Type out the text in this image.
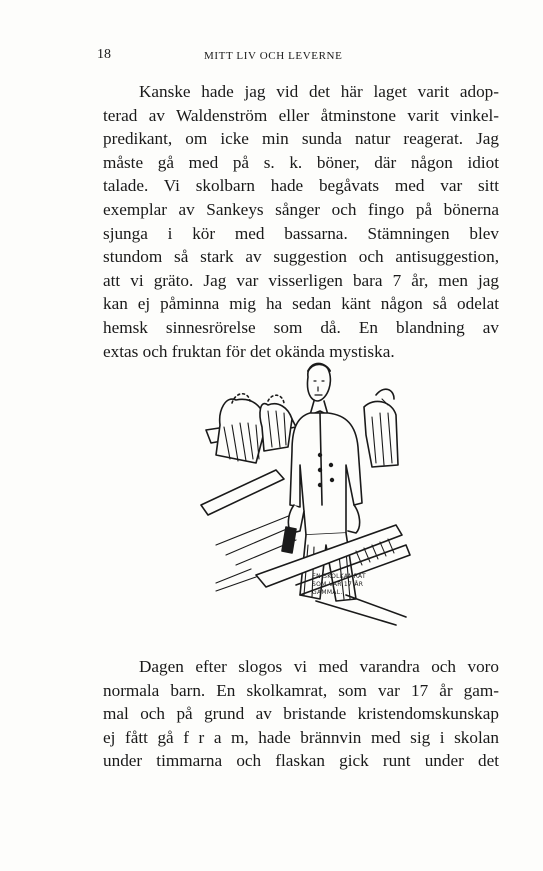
18	MITT LIV OCH LEVERNE

Kanske hade jag vid det här laget varit adop-
terad av Waldenström eller åtminstone varit vinkel-
predikant, om icke min sunda natur reagerat. Jag
måste gå med på s. k. böner, där någon idiot
talade. Vi skolbarn hade begåvats med var sitt
exemplar av Sankeys sånger och fingo på bönerna
sjunga i kör med bassarna. Stämningen blev
stundom så stark av suggestion och antisuggestion,
att vi gräto. Jag var visserligen bara 7 år, men jag
kan ej påminna mig ha sedan känt någon så odelat
hemsk sinnesrörelse som då. En blandning av
extas och fruktan för det okända mystiska.

EN SKOLKAMRAT
SOM VAR 17 ÅR
GAMMAL.

Dagen efter slogos vi med varandra och voro
normala barn. En skolkamrat, som var 17 år gam-
mal och på grund av bristande kristendomskunskap
ej fått gå f r a m, hade brännvin med sig i skolan
under timmarna och flaskan gick runt under det
